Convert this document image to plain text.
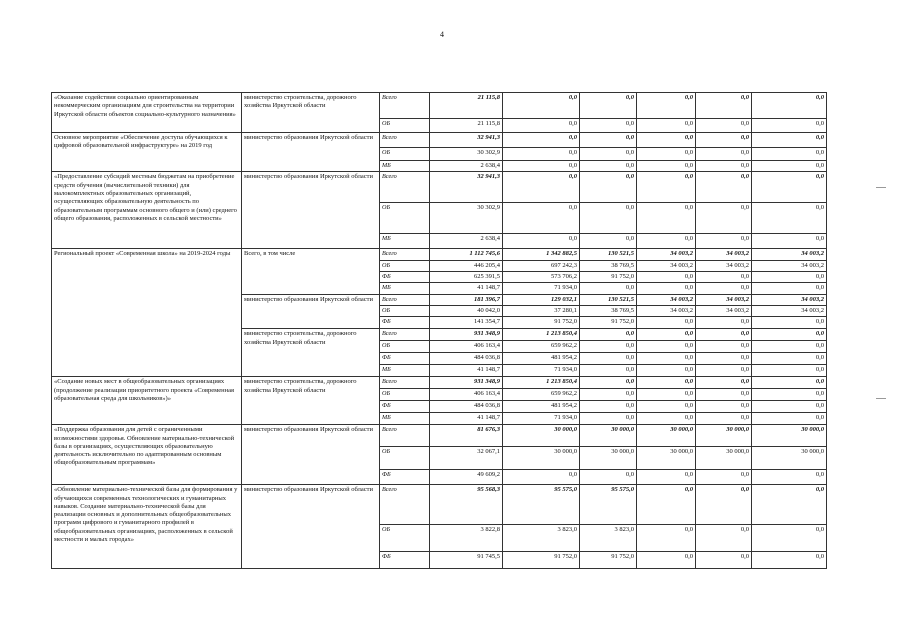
4
«Оказание содействия социально ориентированным некоммерческим организациям для строительства на территории Иркутской области объектов социально-культурного назначения»	министерство строительства, дорожного хозяйства Иркутской области	Всего	21 115,8	0,0	0,0	0,0	0,0	0,0
		ОБ	21 115,8	0,0	0,0	0,0	0,0	0,0
Основное мероприятие «Обеспечение доступа обучающихся к цифровой образовательной инфраструктуре» на 2019 год	министерство образования Иркутской области	Всего	32 941,3	0,0	0,0	0,0	0,0	0,0
		ОБ	30 302,9	0,0	0,0	0,0	0,0	0,0
		МБ	2 638,4	0,0	0,0	0,0	0,0	0,0
«Предоставление субсидий местным бюджетам на приобретение средств обучения (вычислительной техники) для малокомплектных образовательных организаций, осуществляющих образовательную деятельность по образовательным программам основного общего и (или) среднего общего образования, расположенных в сельской местности»	министерство образования Иркутской области	Всего	32 941,3	0,0	0,0	0,0	0,0	0,0
		ОБ	30 302,9	0,0	0,0	0,0	0,0	0,0
		МБ	2 638,4	0,0	0,0	0,0	0,0	0,0
Региональный проект «Современная школа» на 2019-2024 годы	Всего, в том числе	Всего	1 112 745,6	1 342 882,5	130 521,5	34 003,2	34 003,2	34 003,2
		ОБ	446 205,4	697 242,3	38 769,5	34 003,2	34 003,2	34 003,2
		ФБ	625 391,5	573 706,2	91 752,0	0,0	0,0	0,0
		МБ	41 148,7	71 934,0	0,0	0,0	0,0	0,0
	министерство образования Иркутской области	Всего	181 396,7	129 032,1	130 521,5	34 003,2	34 003,2	34 003,2
		ОБ	40 042,0	37 280,1	38 769,5	34 003,2	34 003,2	34 003,2
		ФБ	141 354,7	91 752,0	91 752,0	0,0	0,0	0,0
	министерство строительства, дорожного хозяйства Иркутской области	Всего	931 348,9	1 213 850,4	0,0	0,0	0,0	0,0
		ОБ	406 163,4	659 962,2	0,0	0,0	0,0	0,0
		ФБ	484 036,8	481 954,2	0,0	0,0	0,0	0,0
		МБ	41 148,7	71 934,0	0,0	0,0	0,0	0,0
«Создание новых мест в общеобразовательных организациях (продолжение реализации приоритетного проекта «Современная образовательная среда для школьников»)»	министерство строительства, дорожного хозяйства Иркутской области	Всего	931 348,9	1 213 850,4	0,0	0,0	0,0	0,0
		ОБ	406 163,4	659 962,2	0,0	0,0	0,0	0,0
		ФБ	484 036,8	481 954,2	0,0	0,0	0,0	0,0
		МБ	41 148,7	71 934,0	0,0	0,0	0,0	0,0
«Поддержка образования для детей с ограниченными возможностями здоровья. Обновление материально-технической базы в организациях, осуществляющих образовательную деятельность исключительно по адаптированным основным общеобразовательным программам»	министерство образования Иркутской области	Всего	81 676,3	30 000,0	30 000,0	30 000,0	30 000,0	30 000,0
		ОБ	32 067,1	30 000,0	30 000,0	30 000,0	30 000,0	30 000,0
		ФБ	49 609,2	0,0	0,0	0,0	0,0	0,0
«Обновление материально-технической базы для формирования у обучающихся современных технологических и гуманитарных навыков. Создание материально-технической базы для реализации основных и дополнительных общеобразовательных программ цифрового и гуманитарного профилей в общеобразовательных организациях, расположенных в сельской местности и малых городах»	министерство образования Иркутской области	Всего	95 568,3	95 575,0	95 575,0	0,0	0,0	0,0
		ОБ	3 822,8	3 823,0	3 823,0	0,0	0,0	0,0
		ФБ	91 745,5	91 752,0	91 752,0	0,0	0,0	0,0
